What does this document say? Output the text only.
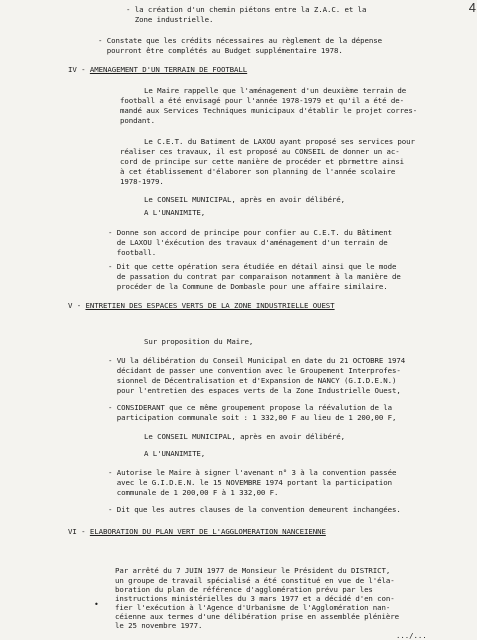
4
- la création d'un chemin piétons entre la Z.A.C. et la
Zone industrielle.
- Constate que les crédits nécessaires au règlement de la dépense
pourront être complétés au Budget supplémentaire 1978.
IV - AMENAGEMENT D'UN TERRAIN DE FOOTBALL
Le Maire rappelle que l'aménagement d'un deuxième terrain de
football a été envisagé pour l'année 1978-1979 et qu'il a été de-
mandé aux Services Techniques municipaux d'établir le projet corres-
pondant.
Le C.E.T. du Batiment de LAXOU ayant proposé ses services pour
réaliser ces travaux, il est proposé au CONSEIL de donner un ac-
cord de principe sur cette manière de procéder et pbrmettre ainsi
à cet établissement d'élaborer son planning de l'année scolaire
1978-1979.
Le CONSEIL MUNICIPAL, après en avoir délibéré,
A L'UNANIMITE,
- Donne son accord de principe pour confier au C.E.T. du Bâtiment
de LAXOU l'éxécution des travaux d'aménagement d'un terrain de
football.
- Dit que cette opération sera étudiée en détail ainsi que le mode
de passation du contrat par comparaison notamment à la manière de
procéder de la Commune de Dombasle pour une affaire similaire.
V - ENTRETIEN DES ESPACES VERTS DE LA ZONE INDUSTRIELLE OUEST
Sur proposition du Maire,
- VU la délibération du Conseil Municipal en date du 21 OCTOBRE 1974
décidant de passer une convention avec le Groupement Interprofes-
sionnel de Décentralisation et d'Expansion de NANCY (G.I.D.E.N.)
pour l'entretien des espaces verts de la Zone Industrielle Ouest,
- CONSIDERANT que ce même groupement propose la réévalution de la
participation communale soit : 1 332,00 F au lieu de 1 200,00 F,
Le CONSEIL MUNICIPAL, après en avoir délibéré,
A L'UNANIMITE,
- Autorise le Maire à signer l'avenant n° 3 à la convention passée
avec le G.I.D.E.N. le 15 NOVEMBRE 1974 portant la participation
communale de 1 200,00 F à 1 332,00 F.
- Dit que les autres clauses de la convention demeurent inchangées.
VI - ELABORATION DU PLAN VERT DE L'AGGLOMERATION NANCEIENNE
Par arrêté du 7 JUIN 1977 de Monsieur le Président du DISTRICT,
un groupe de travail spécialisé a été constitué en vue de l'éla-
boration du plan de référence d'agglomération prévu par les
instructions ministérielles du 3 mars 1977 et a décidé d'en con-
fier l'exécution à l'Agence d'Urbanisme de l'Agglomération nan-
céienne aux termes d'une délibération prise en assemblée plénière
le 25 novembre 1977.
•
.../...
